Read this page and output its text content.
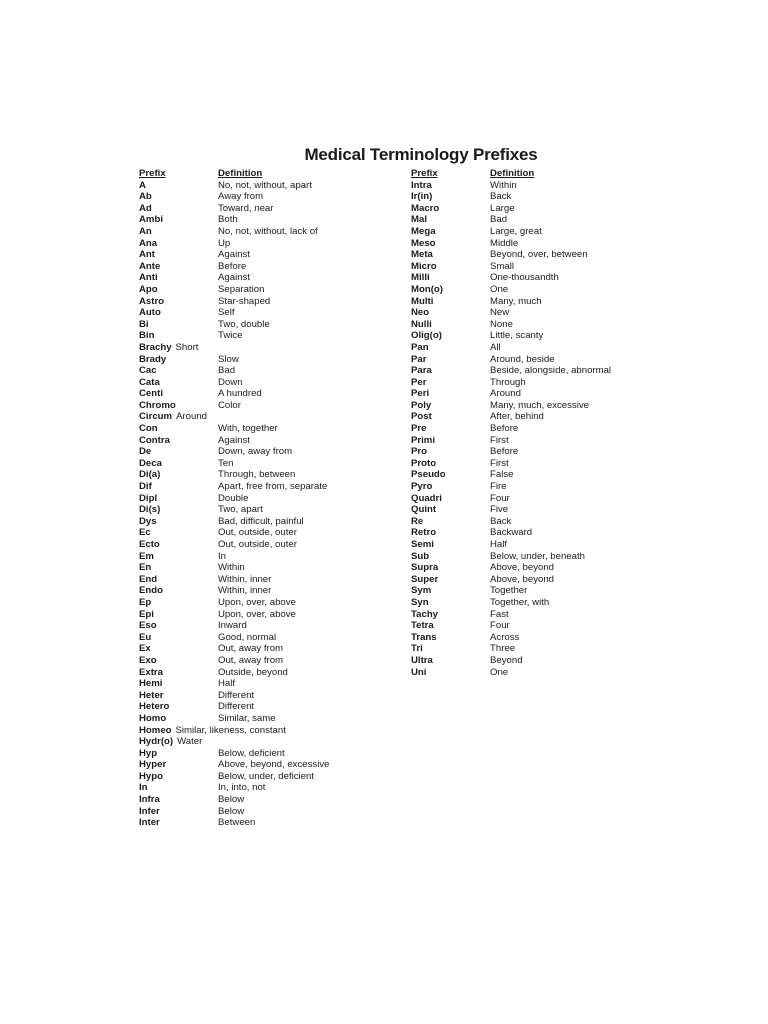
Medical Terminology Prefixes
Prefix	Definition
A	No, not, without, apart
Ab	Away from
Ad	Toward, near
Ambi	Both
An	No, not, without, lack of
Ana	Up
Ant	Against
Ante	Before
Anti	Against
Apo	Separation
Astro	Star-shaped
Auto	Self
Bi	Two, double
Bin	Twice
Brachy Short
Brady	Slow
Cac	Bad
Cata	Down
Centi	A hundred
Chromo	Color
Circum Around
Con	With, together
Contra	Against
De	Down, away from
Deca	Ten
Di(a)	Through, between
Dif	Apart, free from, separate
Dipl	Double
Di(s)	Two, apart
Dys	Bad, difficult, painful
Ec	Out, outside, outer
Ecto	Out, outside, outer
Em	In
En	Within
End	Within, inner
Endo	Within, inner
Ep	Upon, over, above
Epi	Upon, over, above
Eso	Inward
Eu	Good, normal
Ex	Out, away from
Exo	Out, away from
Extra	Outside, beyond
Hemi	Half
Heter	Different
Hetero	Different
Homo	Similar, same
Homeo Similar, likeness, constant
Hydr(o) Water
Hyp	Below, deficient
Hyper	Above, beyond, excessive
Hypo	Below, under, deficient
In	In, into, not
Infra	Below
Infer	Below
Inter	Between
Prefix	Definition
Intra	Within
Ir(in)	Back
Macro	Large
Mal	Bad
Mega	Large, great
Meso	Middle
Meta	Beyond, over, between
Micro	Small
Milli	One-thousandth
Mon(o)	One
Multi	Many, much
Neo	New
Nulli	None
Olig(o)	Little, scanty
Pan	All
Par	Around, beside
Para	Beside, alongside, abnormal
Per	Through
Peri	Around
Poly	Many, much, excessive
Post	After, behind
Pre	Before
Primi	First
Pro	Before
Proto	First
Pseudo	False
Pyro	Fire
Quadri	Four
Quint	Five
Re	Back
Retro	Backward
Semi	Half
Sub	Below, under, beneath
Supra	Above, beyond
Super	Above, beyond
Sym	Together
Syn	Together, with
Tachy	Fast
Tetra	Four
Trans	Across
Tri	Three
Ultra	Beyond
Uni	One
